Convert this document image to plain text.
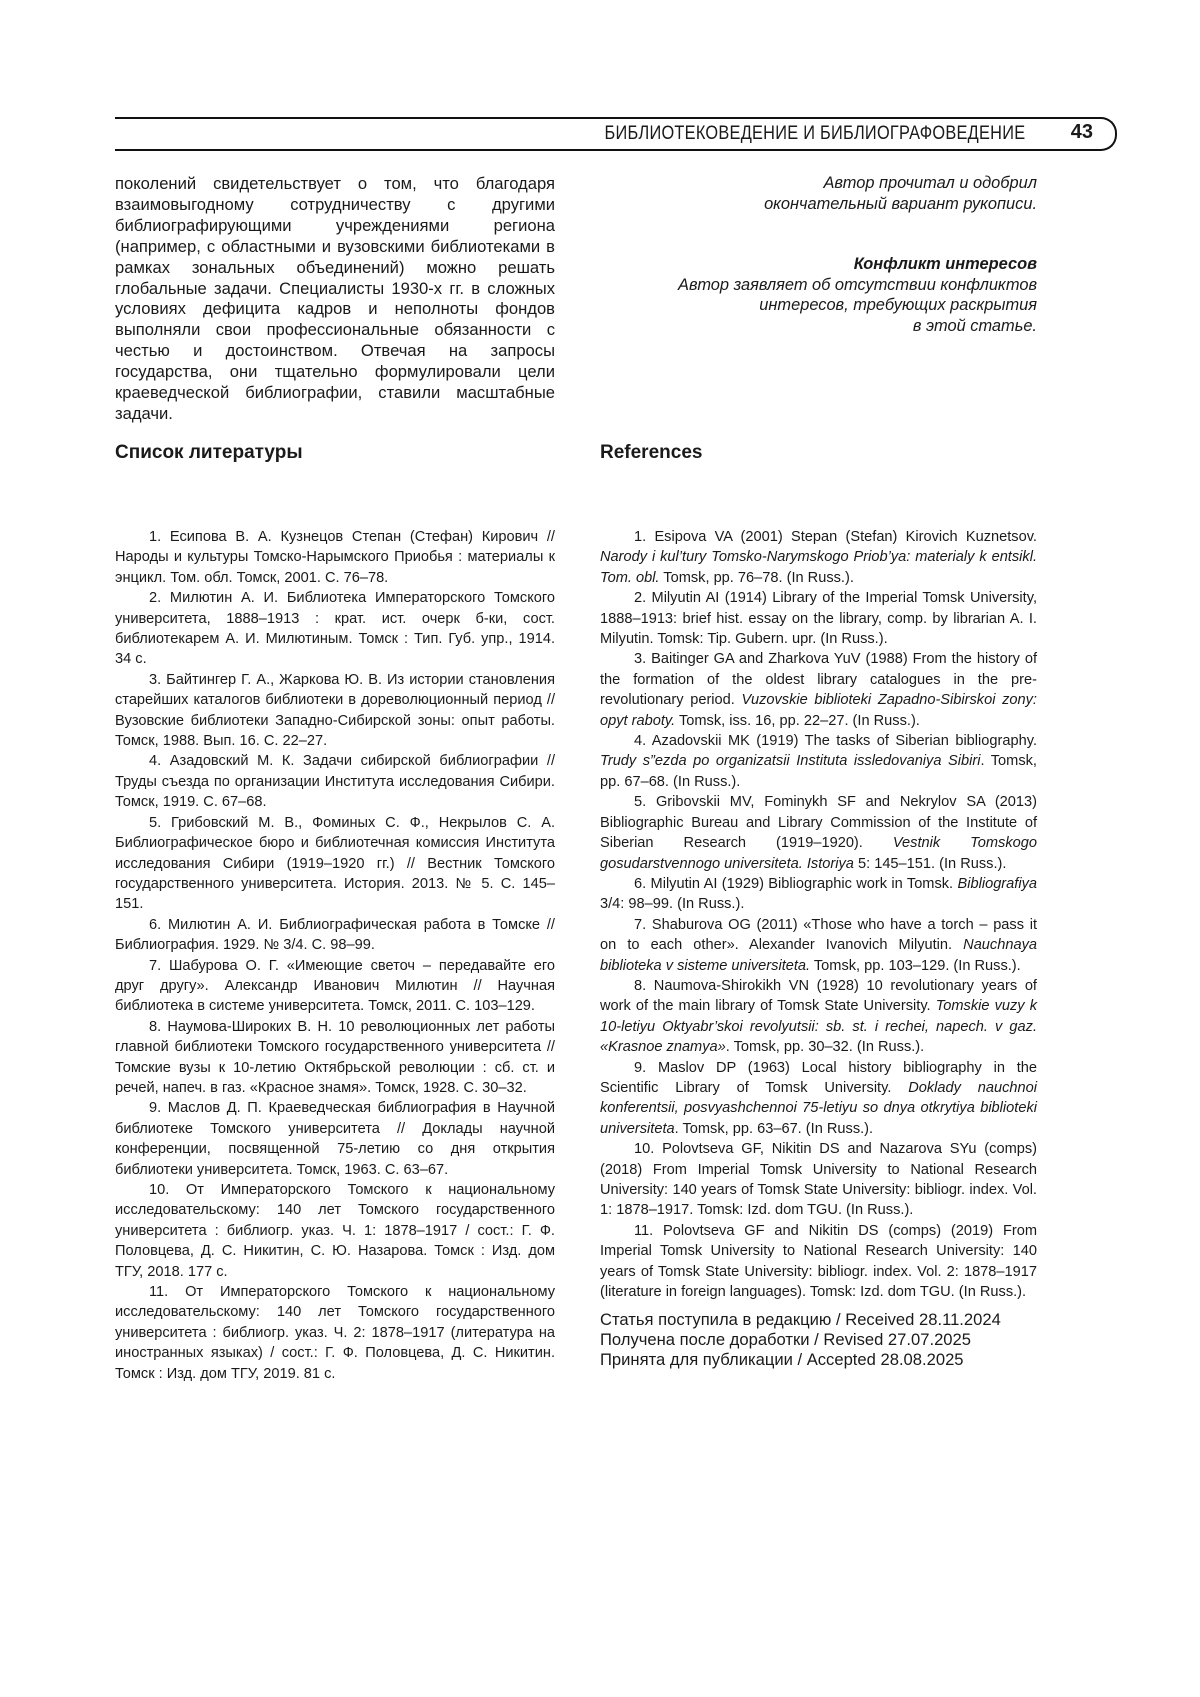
БИБЛИОТЕКОВЕДЕНИЕ И БИБЛИОГРАФОВЕДЕНИЕ 43
поколений свидетельствует о том, что благодаря взаимовыгодному сотрудничеству с другими библиографирующими учреждениями региона (например, с областными и вузовскими библиотеками в рамках зональных объединений) можно решать глобальные задачи. Специалисты 1930-х гг. в сложных условиях дефицита кадров и неполноты фондов выполняли свои профессиональные обязанности с честью и достоинством. Отвечая на запросы государства, они тщательно формулировали цели краеведческой библиографии, ставили масштабные задачи.
Автор прочитал и одобрил
окончательный вариант рукописи.
Конфликт интересов
Автор заявляет об отсутствии конфликтов
интересов, требующих раскрытия
в этой статье.
Список литературы	References

1. Есипова В. А. Кузнецов Степан (Стефан) Кирович // Народы и культуры Томско-Нарымского Приобья : материалы к энцикл. Том. обл. Томск, 2001. С. 76–78.

2. Милютин А. И. Библиотека Императорского Томского университета, 1888–1913 : крат. ист. очерк б-ки, сост. библиотекарем А. И. Милютиным. Томск : Тип. Губ. упр., 1914. 34 с.

3. Байтингер Г. А., Жаркова Ю. В. Из истории становления старейших каталогов библиотеки в дореволюционный период // Вузовские библиотеки Западно-Сибирской зоны: опыт работы. Томск, 1988. Вып. 16. С. 22–27.

4. Азадовский М. К. Задачи сибирской библиографии // Труды съезда по организации Института исследования Сибири. Томск, 1919. С. 67–68.

5. Грибовский М. В., Фоминых С. Ф., Некрылов С. А. Библиографическое бюро и библиотечная комиссия Института исследования Сибири (1919–1920 гг.) // Вестник Томского государственного университета. История. 2013. № 5. С. 145–151.

6. Милютин А. И. Библиографическая работа в Томске // Библиография. 1929. № 3/4. С. 98–99.

7. Шабурова О. Г. «Имеющие светоч – передавайте его друг другу». Александр Иванович Милютин // Научная библиотека в системе университета. Томск, 2011. С. 103–129.

8. Наумова-Широких В. Н. 10 революционных лет работы главной библиотеки Томского государственного университета // Томские вузы к 10-летию Октябрьской революции : сб. ст. и речей, напеч. в газ. «Красное знамя». Томск, 1928. С. 30–32.

9. Маслов Д. П. Краеведческая библиография в Научной библиотеке Томского университета // Доклады научной конференции, посвященной 75-летию со дня открытия библиотеки университета. Томск, 1963. С. 63–67.

10. От Императорского Томского к национальному исследовательскому: 140 лет Томского государственного университета : библиогр. указ. Ч. 1: 1878–1917 / сост.: Г. Ф. Половцева, Д. С. Никитин, С. Ю. Назарова. Томск : Изд. дом ТГУ, 2018. 177 с.

11. От Императорского Томского к национальному исследовательскому: 140 лет Томского государственного университета : библиогр. указ. Ч. 2: 1878–1917 (литература на иностранных языках) / сост.: Г. Ф. Половцева, Д. С. Никитин. Томск : Изд. дом ТГУ, 2019. 81 с.

1. Esipova VA (2001) Stepan (Stefan) Kirovich Kuznetsov. Narody i kul’tury Tomsko-Narymskogo Priob’ya: materialy k entsikl. Tom. obl. Tomsk, pp. 76–78. (In Russ.).

2. Milyutin AI (1914) Library of the Imperial Tomsk University, 1888–1913: brief hist. essay on the library, comp. by librarian A. I. Milyutin. Tomsk: Tip. Gubern. upr. (In Russ.).

3. Baitinger GA and Zharkova YuV (1988) From the history of the formation of the oldest library catalogues in the pre-revolutionary period. Vuzovskie biblioteki Zapadno-Sibirskoi zony: opyt raboty. Tomsk, iss. 16, pp. 22–27. (In Russ.).

4. Azadovskii MK (1919) The tasks of Siberian bibliography. Trudy s”ezda po organizatsii Instituta issledovaniya Sibiri. Tomsk, pp. 67–68. (In Russ.).

5. Gribovskii MV, Fominykh SF and Nekrylov SA (2013) Bibliographic Bureau and Library Commission of the Institute of Siberian Research (1919–1920). Vestnik Tomskogo gosudarstvennogo universiteta. Istoriya 5: 145–151. (In Russ.).

6. Milyutin AI (1929) Bibliographic work in Tomsk. Bibliografiya 3/4: 98–99. (In Russ.).

7. Shaburova OG (2011) «Those who have a torch – pass it on to each other». Alexander Ivanovich Milyutin. Nauchnaya biblioteka v sisteme universiteta. Tomsk, pp. 103–129. (In Russ.).

8. Naumova-Shirokikh VN (1928) 10 revolutionary years of work of the main library of Tomsk State University. Tomskie vuzy k 10-letiyu Oktyabr’skoi revolyutsii: sb. st. i rechei, napech. v gaz. «Krasnoe znamya». Tomsk, pp. 30–32. (In Russ.).

9. Maslov DP (1963) Local history bibliography in the Scientific Library of Tomsk University. Doklady nauchnoi konferentsii, posvyashchennoi 75-letiyu so dnya otkrytiya biblioteki universiteta. Tomsk, pp. 63–67. (In Russ.).

10. Polovtseva GF, Nikitin DS and Nazarova SYu (comps) (2018) From Imperial Tomsk University to National Research University: 140 years of Tomsk State University: bibliogr. index. Vol. 1: 1878–1917. Tomsk: Izd. dom TGU. (In Russ.).

11. Polovtseva GF and Nikitin DS (comps) (2019) From Imperial Tomsk University to National Research University: 140 years of Tomsk State University: bibliogr. index. Vol. 2: 1878–1917 (literature in foreign languages). Tomsk: Izd. dom TGU. (In Russ.).

Статья поступила в редакцию / Received 28.11.2024
Получена после доработки / Revised 27.07.2025
Принята для публикации / Accepted 28.08.2025
